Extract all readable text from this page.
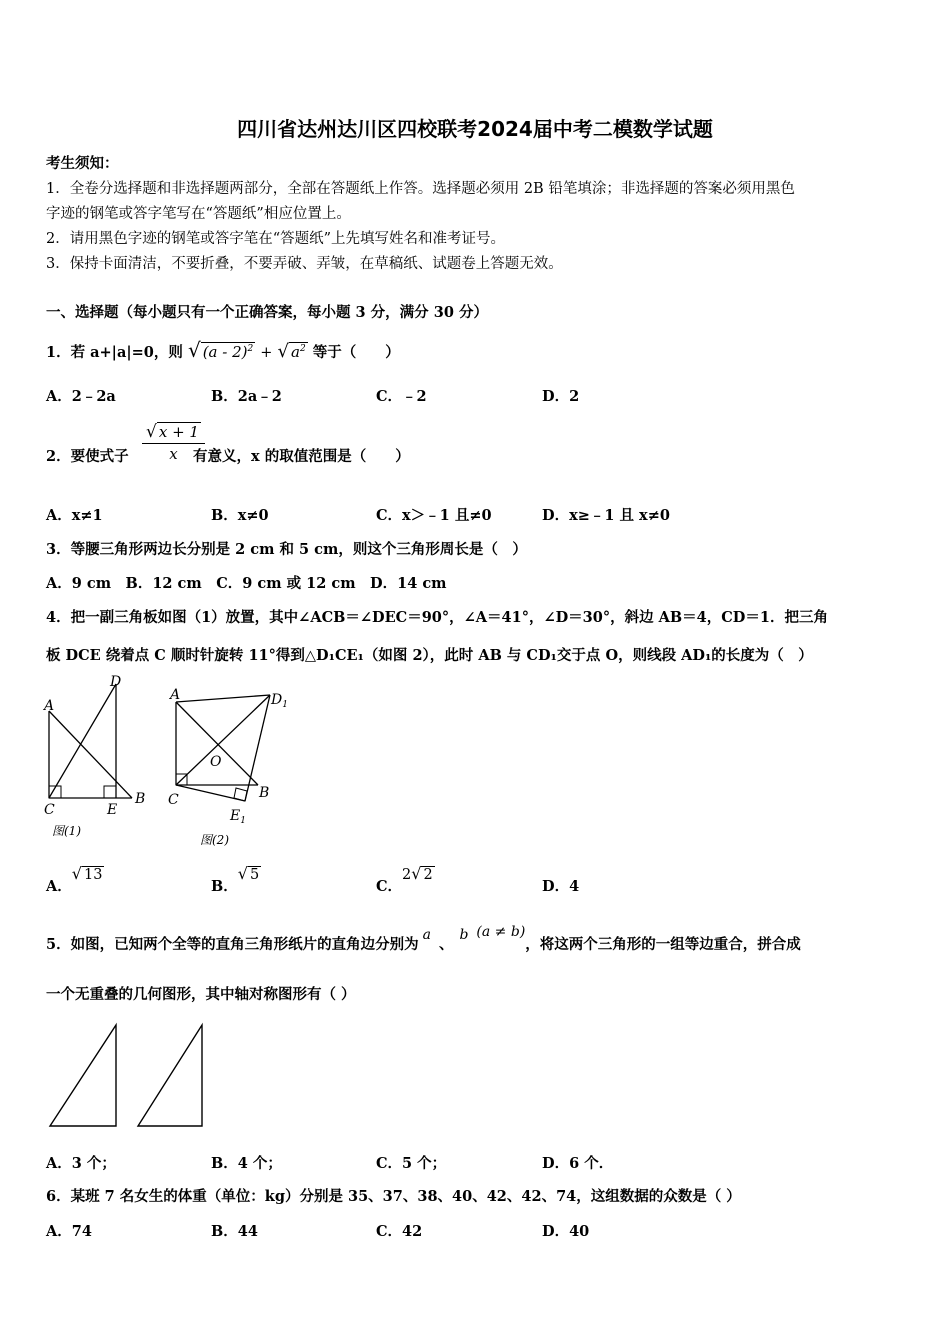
四川省达州达川区四校联考2024届中考二模数学试题
考生须知：
1．全卷分选择题和非选择题两部分，全部在答题纸上作答。选择题必须用 2B 铅笔填涂；非选择题的答案必须用黑色
字迹的钢笔或答字笔写在“答题纸”相应位置上。
2．请用黑色字迹的钢笔或答字笔在“答题纸”上先填写姓名和准考证号。
3．保持卡面清洁，不要折叠，不要弄破、弄皱，在草稿纸、试题卷上答题无效。
一、选择题（每小题只有一个正确答案，每小题 3 分，满分 30 分）
1．若 a+|a|=0，则 √ (a - 2)$^2$ + √ $a^2$ 等于（　　）
A．2﹣2a	B．2a﹣2	C．﹣2	D．2
2．要使式子 $\frac{√ x + 1}{x}$
有意义，x 的取值范围是（　　）
A．x≠1	B．x≠0	C．x＞﹣1 且≠0	D．x≥﹣1 且 x≠0
3．等腰三角形两边长分别是 2 cm 和 5 cm，则这个三角形周长是（　）
A．9 cm　B．12 cm　C．9 cm 或 12 cm　D．14 cm
4．把一副三角板如图（1）放置，其中∠ACB＝∠DEC＝90°，∠A＝41°，∠D＝30°，斜边 AB＝4，CD＝1．把三角
板 DCE 绕着点 C 顺时针旋转 11°得到△D₁CE₁（如图 2），此时 AB 与 CD₁交于点 O，则线段 AD₁的长度为（　）
A
D
C	E
B
图(1)
A	$D_1$
O
C	B
$E_1$
图(2)
A．√ 13
B．√ 5
C．2√ 2
D．4
5．如图，已知两个全等的直角三角形纸片的直角边分别为a、b (a ≠ b)，将这两个三角形的一组等边重合，拼合成
一个无重叠的几何图形，其中轴对称图形有（ ）
A．3 个；	B．4 个；	C．5 个；	D．6 个．
6．某班 7 名女生的体重（单位：kg）分别是 35、37、38、40、42、42、74，这组数据的众数是（ ）
A．74	B．44	C．42	D．40
